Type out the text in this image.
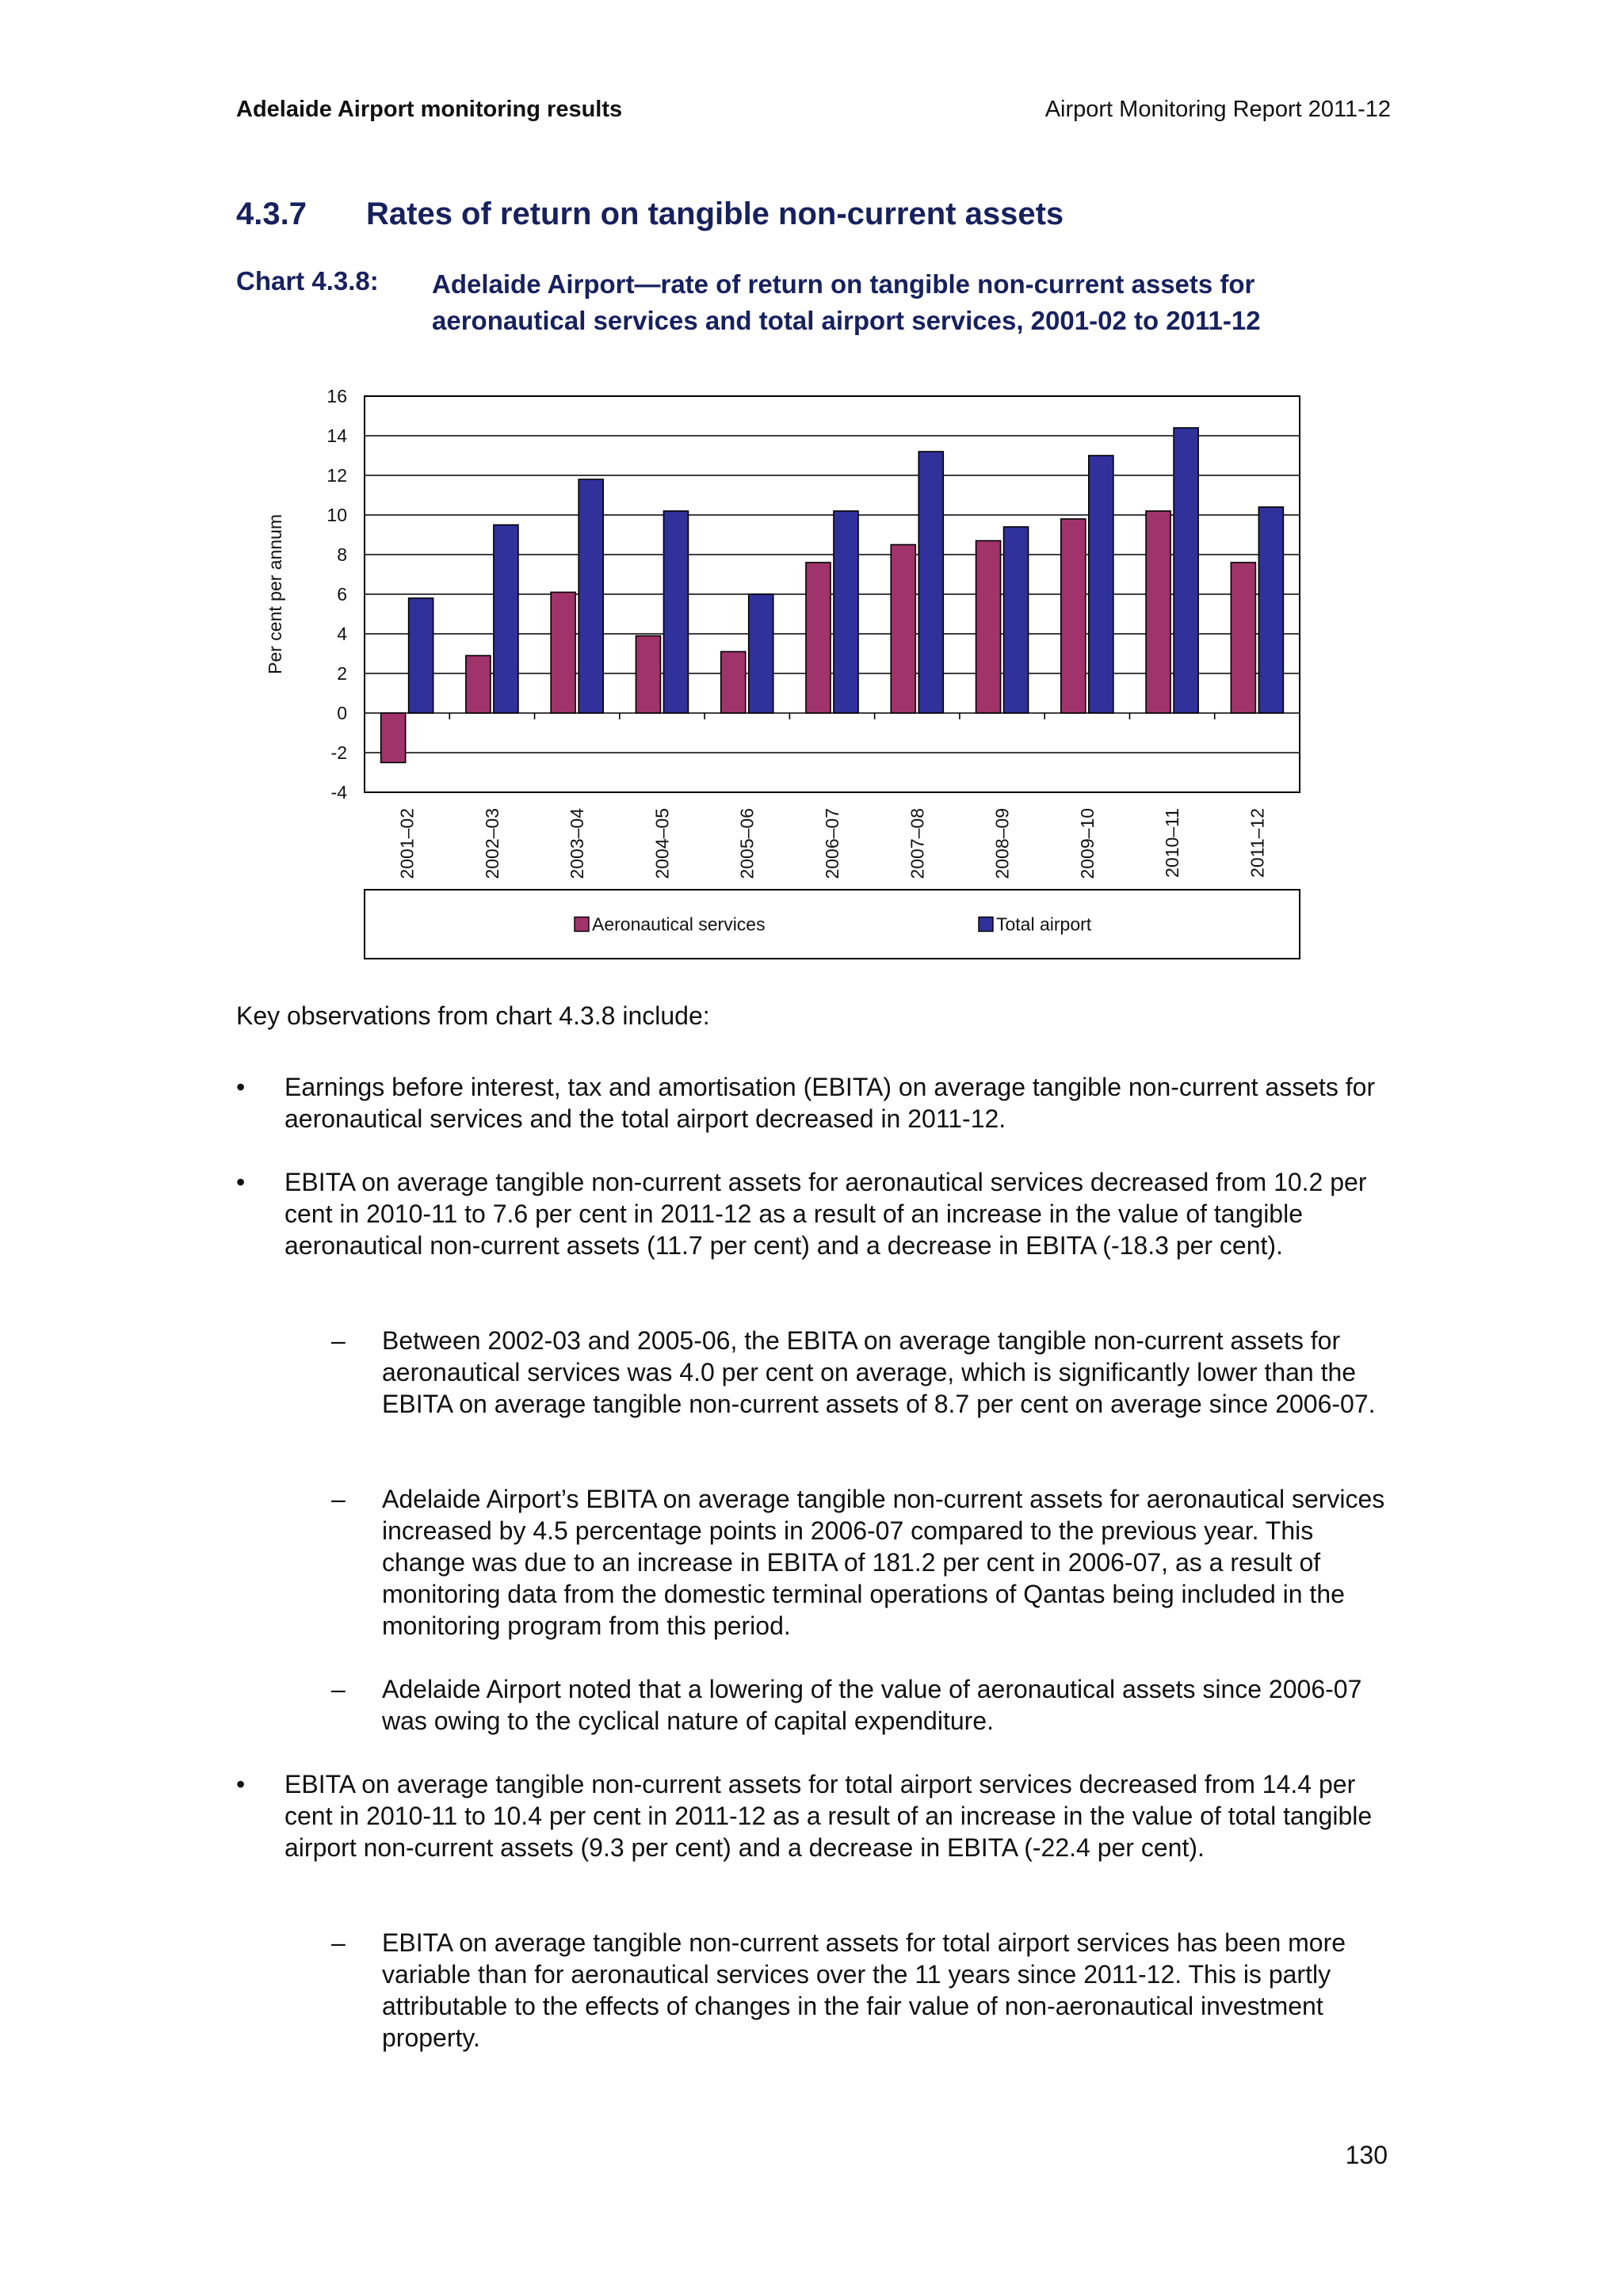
Adelaide Airport monitoring results	Airport Monitoring Report 2011-12
4.3.7 Rates of return on tangible non-current assets
Chart 4.3.8: Adelaide Airport—rate of return on tangible non-current assets for aeronautical services and total airport services, 2001-02 to 2011-12
16
14
12
10
8
6
4
2
0
-2
-4
Per cent per annum
2001–02	2002–03	2003–04	2004–05	2005–06	2006–07	2007–08	2008–09	2009–10	2010–11	2011–12
Aeronautical services	Total airport
Key observations from chart 4.3.8 include:
•	Earnings before interest, tax and amortisation (EBITA) on average tangible non-current assets for aeronautical services and the total airport decreased in 2011-12.
•	EBITA on average tangible non-current assets for aeronautical services decreased from 10.2 per cent in 2010-11 to 7.6 per cent in 2011-12 as a result of an increase in the value of tangible aeronautical non-current assets (11.7 per cent) and a decrease in EBITA (-18.3 per cent).
–	Between 2002-03 and 2005-06, the EBITA on average tangible non-current assets for aeronautical services was 4.0 per cent on average, which is significantly lower than the EBITA on average tangible non-current assets of 8.7 per cent on average since 2006-07.
–	Adelaide Airport’s EBITA on average tangible non-current assets for aeronautical services increased by 4.5 percentage points in 2006-07 compared to the previous year. This change was due to an increase in EBITA of 181.2 per cent in 2006-07, as a result of monitoring data from the domestic terminal operations of Qantas being included in the monitoring program from this period.
–	Adelaide Airport noted that a lowering of the value of aeronautical assets since 2006-07 was owing to the cyclical nature of capital expenditure.
•	EBITA on average tangible non-current assets for total airport services decreased from 14.4 per cent in 2010-11 to 10.4 per cent in 2011-12 as a result of an increase in the value of total tangible airport non-current assets (9.3 per cent) and a decrease in EBITA (-22.4 per cent).
–	EBITA on average tangible non-current assets for total airport services has been more variable than for aeronautical services over the 11 years since 2011-12. This is partly attributable to the effects of changes in the fair value of non-aeronautical investment property.
130
